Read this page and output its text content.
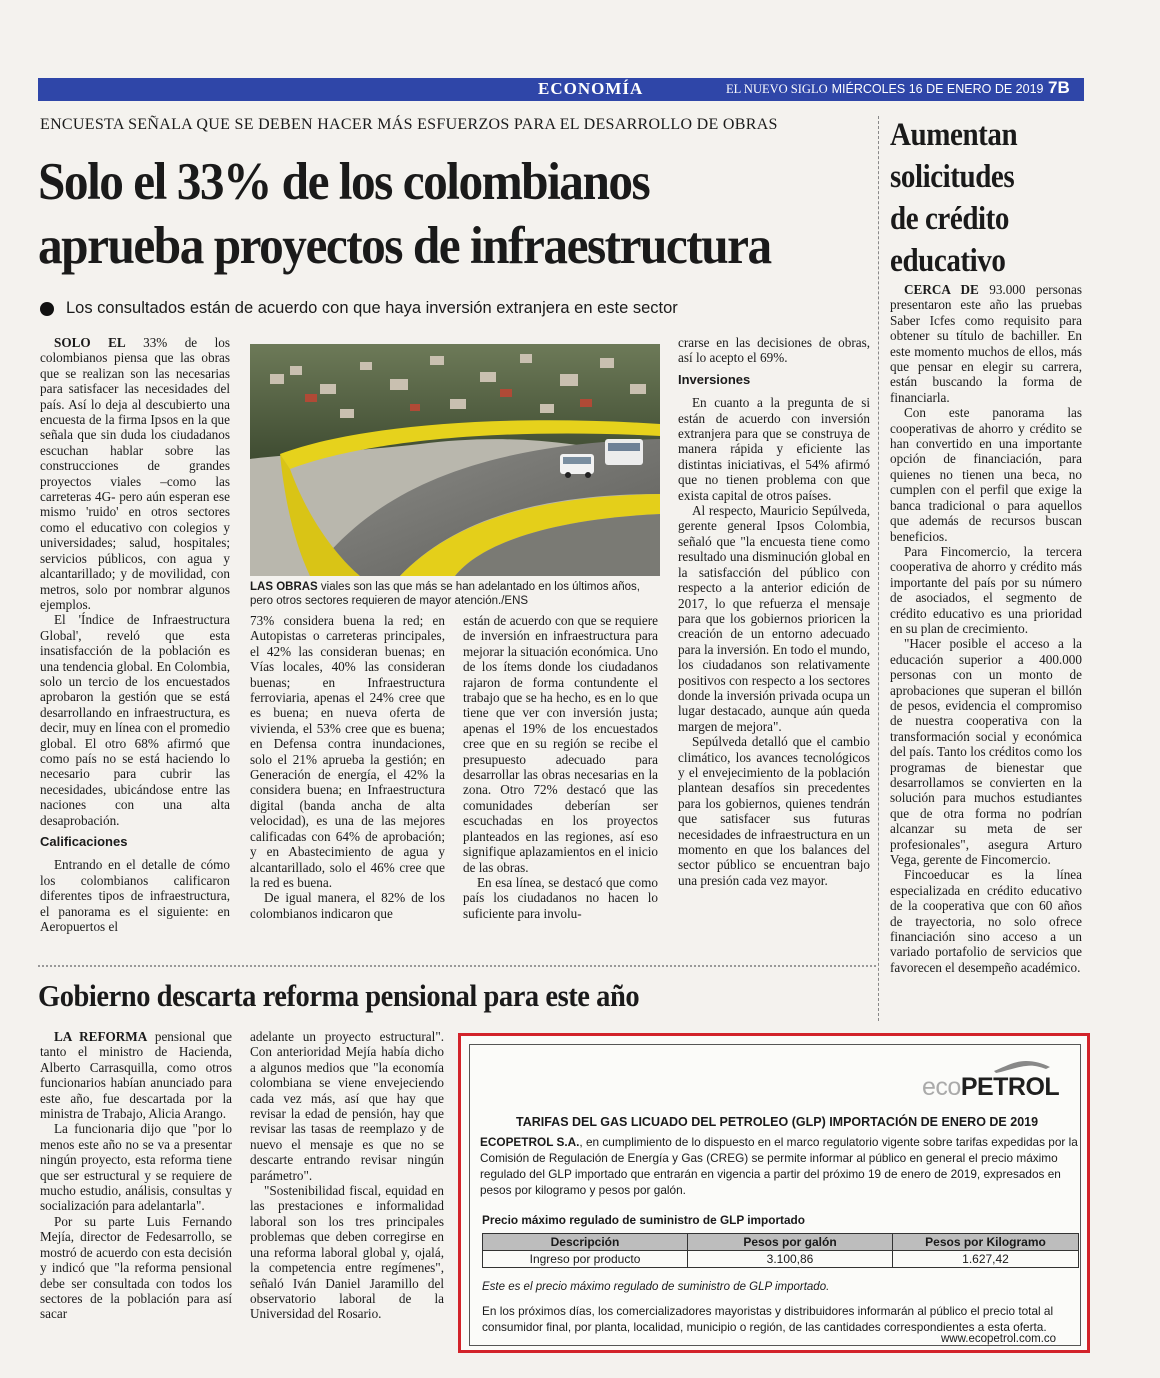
ECONOMÍA	EL NUEVO SIGLO MIÉRCOLES 16 DE ENERO DE 2019 7B
ENCUESTA SEÑALA QUE SE DEBEN HACER MÁS ESFUERZOS PARA EL DESARROLLO DE OBRAS
Solo el 33% de los colombianos
aprueba proyectos de infraestructura
Los consultados están de acuerdo con que haya inversión extranjera en este sector

SOLO EL 33% de los colombianos piensa que las obras que se realizan son las necesarias para satisfacer las necesidades del país. Así lo deja al descubierto una encuesta de la firma Ipsos en la que señala que sin duda los ciudadanos escuchan hablar sobre las construcciones de grandes proyectos viales –como las carreteras 4G- pero aún esperan ese mismo 'ruido' en otros sectores como el educativo con colegios y universidades; salud, hospitales; servicios públicos, con agua y alcantarillado; y de movilidad, con metros, solo por nombrar algunos ejemplos.

El 'Índice de Infraestructura Global', reveló que esta insatisfacción de la población es una tendencia global. En Colombia, solo un tercio de los encuestados aprobaron la gestión que se está desarrollando en infraestructura, es decir, muy en línea con el promedio global. El otro 68% afirmó que como país no se está haciendo lo necesario para cubrir las necesidades, ubicándose entre las naciones con una alta desaprobación.

Calificaciones

Entrando en el detalle de cómo los colombianos calificaron diferentes tipos de infraestructura, el panorama es el siguiente: en Aeropuertos el

LAS OBRAS viales son las que más se han adelantado en los últimos años, pero otros sectores requieren de mayor atención./ENS

73% considera buena la red; en Autopistas o carreteras principales, el 42% las consideran buenas; en Vías locales, 40% las consideran buenas; en Infraestructura ferroviaria, apenas el 24% cree que es buena; en nueva oferta de vivienda, el 53% cree que es buena; en Defensa contra inundaciones, solo el 21% aprueba la gestión; en Generación de energía, el 42% la considera buena; en Infraestructura digital (banda ancha de alta velocidad), es una de las mejores calificadas con 64% de aprobación; y en Abastecimiento de agua y alcantarillado, solo el 46% cree que la red es buena.

De igual manera, el 82% de los colombianos indicaron que

están de acuerdo con que se requiere de inversión en infraestructura para mejorar la situación económica. Uno de los ítems donde los ciudadanos rajaron de forma contundente el trabajo que se ha hecho, es en lo que tiene que ver con inversión justa; apenas el 19% de los encuestados cree que en su región se recibe el presupuesto adecuado para desarrollar las obras necesarias en la zona. Otro 72% destacó que las comunidades deberían ser escuchadas en los proyectos planteados en las regiones, así eso signifique aplazamientos en el inicio de las obras.

En esa línea, se destacó que como país los ciudadanos no hacen lo suficiente para involu-

crarse en las decisiones de obras, así lo acepto el 69%.

Inversiones

En cuanto a la pregunta de si están de acuerdo con inversión extranjera para que se construya de manera rápida y eficiente las distintas iniciativas, el 54% afirmó que no tienen problema con que exista capital de otros países.

Al respecto, Mauricio Sepúlveda, gerente general Ipsos Colombia, señaló que "la encuesta tiene como resultado una disminución global en la satisfacción del público con respecto a la anterior edición de 2017, lo que refuerza el mensaje para que los gobiernos prioricen la creación de un entorno adecuado para la inversión. En todo el mundo, los ciudadanos son relativamente positivos con respecto a los sectores donde la inversión privada ocupa un lugar destacado, aunque aún queda margen de mejora".

Sepúlveda detalló que el cambio climático, los avances tecnológicos y el envejecimiento de la población plantean desafíos sin precedentes para los gobiernos, quienes tendrán que satisfacer sus futuras necesidades de infraestructura en un momento en que los balances del sector público se encuentran bajo una presión cada vez mayor.

Aumentan
solicitudes
de crédito
educativo

CERCA DE 93.000 personas presentaron este año las pruebas Saber Icfes como requisito para obtener su título de bachiller. En este momento muchos de ellos, más que pensar en elegir su carrera, están buscando la forma de financiarla.

Con este panorama las cooperativas de ahorro y crédito se han convertido en una importante opción de financiación, para quienes no tienen una beca, no cumplen con el perfil que exige la banca tradicional o para aquellos que además de recursos buscan beneficios.

Para Fincomercio, la tercera cooperativa de ahorro y crédito más importante del país por su número de asociados, el segmento de crédito educativo es una prioridad en su plan de crecimiento.

"Hacer posible el acceso a la educación superior a 400.000 personas con un monto de aprobaciones que superan el billón de pesos, evidencia el compromiso de nuestra cooperativa con la transformación social y económica del país. Tanto los créditos como los programas de bienestar que desarrollamos se convierten en la solución para muchos estudiantes que de otra forma no podrían alcanzar su meta de ser profesionales", asegura Arturo Vega, gerente de Fincomercio.

Fincoeducar es la línea especializada en crédito educativo de la cooperativa que con 60 años de trayectoria, no solo ofrece financiación sino acceso a un variado portafolio de servicios que favorecen el desempeño académico.

Gobierno descarta reforma pensional para este año

LA REFORMA pensional que tanto el ministro de Hacienda, Alberto Carrasquilla, como otros funcionarios habían anunciado para este año, fue descartada por la ministra de Trabajo, Alicia Arango.

La funcionaria dijo que "por lo menos este año no se va a presentar ningún proyecto, esta reforma tiene que ser estructural y se requiere de mucho estudio, análisis, consultas y socialización para adelantarla".

Por su parte Luis Fernando Mejía, director de Fedesarrollo, se mostró de acuerdo con esta decisión y indicó que "la reforma pensional debe ser consultada con todos los sectores de la población para así sacar

adelante un proyecto estructural". Con anterioridad Mejía había dicho a algunos medios que "la economía colombiana se viene envejeciendo cada vez más, así que hay que revisar la edad de pensión, hay que revisar las tasas de reemplazo y de nuevo el mensaje es que no se descarte entrando revisar ningún parámetro".

"Sostenibilidad fiscal, equidad en las prestaciones e informalidad laboral son los tres principales problemas que deben corregirse en una reforma laboral global y, ojalá, la competencia entre regímenes", señaló Iván Daniel Jaramillo del observatorio laboral de la Universidad del Rosario.

ecoPETROL
TARIFAS DEL GAS LICUADO DEL PETROLEO (GLP) IMPORTACIÓN DE ENERO DE 2019
ECOPETROL S.A., en cumplimiento de lo dispuesto en el marco regulatorio vigente sobre tarifas expedidas por la Comisión de Regulación de Energía y Gas (CREG) se permite informar al público en general el precio máximo regulado del GLP importado que entrarán en vigencia a partir del próximo 19 de enero de 2019, expresados en pesos por kilogramo y pesos por galón.
Precio máximo regulado de suministro de GLP importado
Descripción	Pesos por galón	Pesos por Kilogramo
Ingreso por producto	3.100,86	1.627,42
Este es el precio máximo regulado de suministro de GLP importado.
En los próximos días, los comercializadores mayoristas y distribuidores informarán al público el precio total al consumidor final, por planta, localidad, municipio o región, de las cantidades correspondientes a esta oferta.
www.ecopetrol.com.co
